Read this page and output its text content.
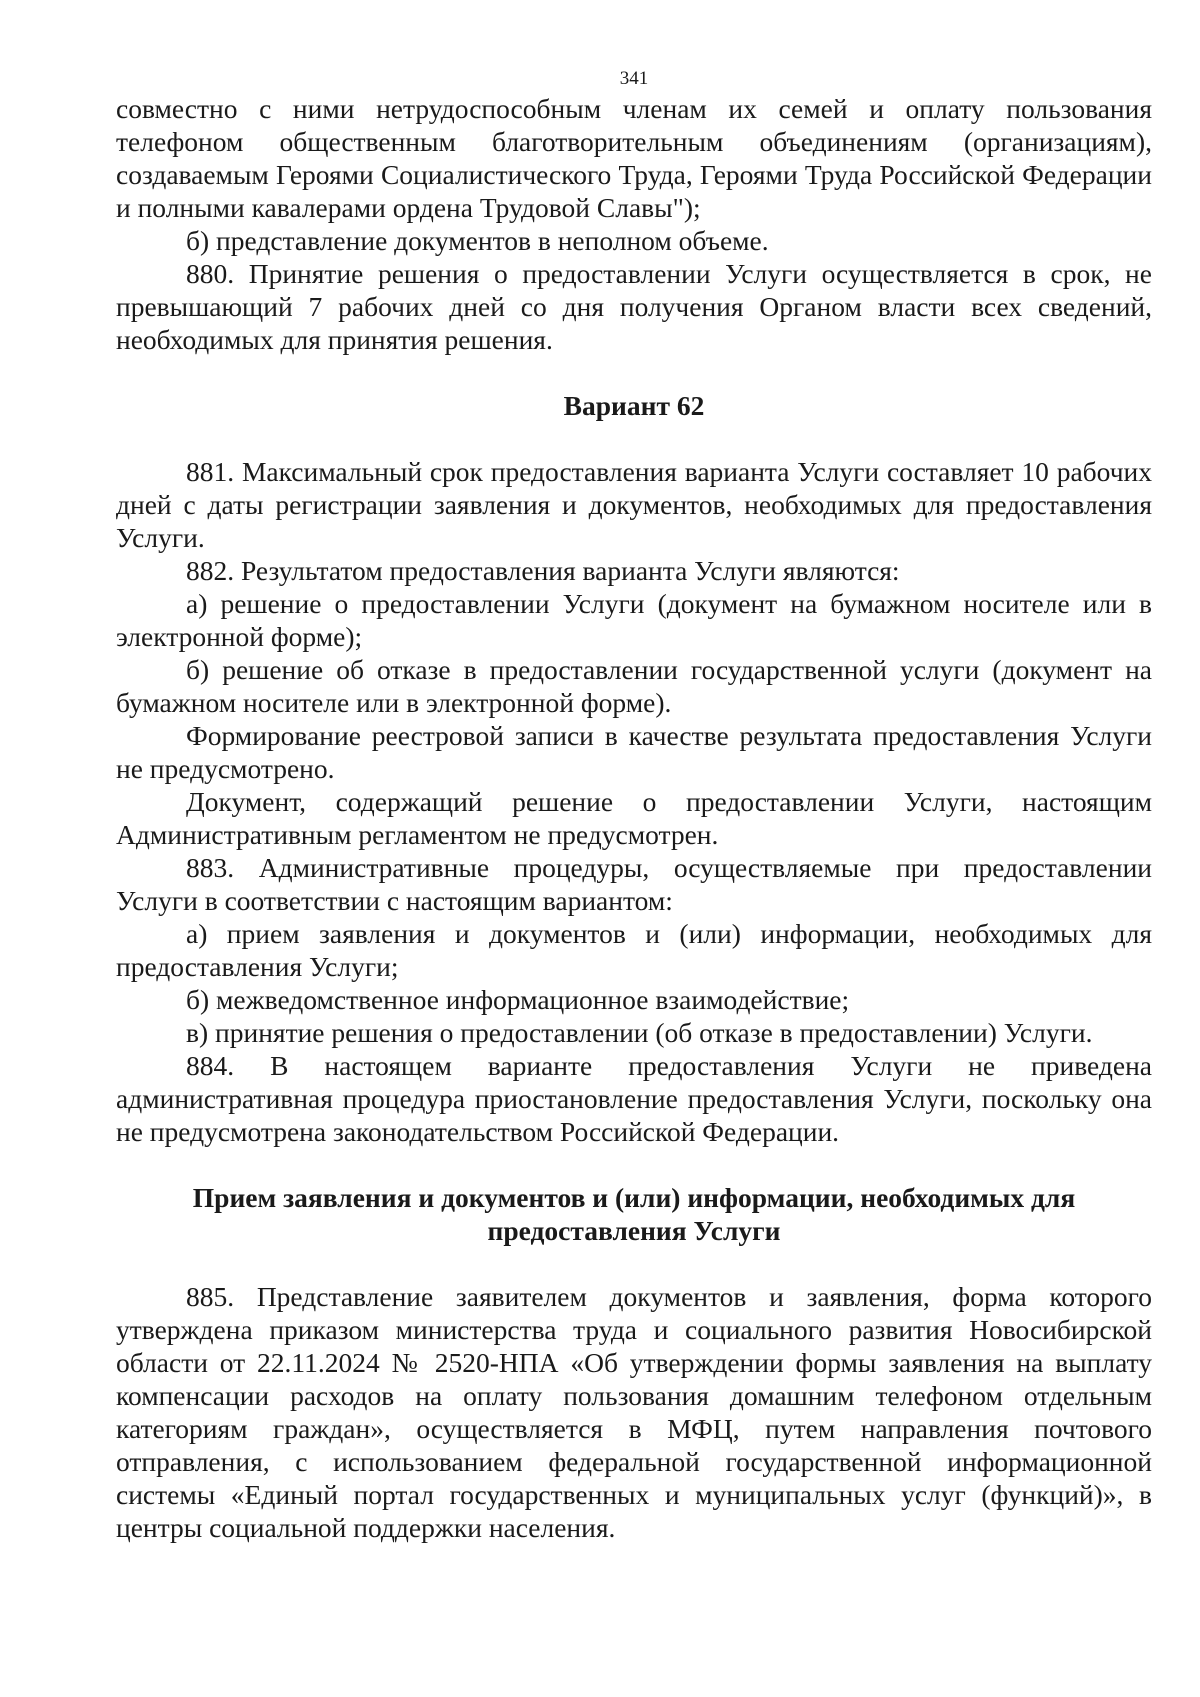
341

совместно с ними нетрудоспособным членам их семей и оплату пользования телефоном общественным благотворительным объединениям (организациям), создаваемым Героями Социалистического Труда, Героями Труда Российской Федерации и полными кавалерами ордена Трудовой Славы");

б) представление документов в неполном объеме.

880. Принятие решения о предоставлении Услуги осуществляется в срок, не превышающий 7 рабочих дней со дня получения Органом власти всех сведений, необходимых для принятия решения.

Вариант 62

881. Максимальный срок предоставления варианта Услуги составляет 10 рабочих дней с даты регистрации заявления и документов, необходимых для предоставления Услуги.

882. Результатом предоставления варианта Услуги являются:

а) решение о предоставлении Услуги (документ на бумажном носителе или в электронной форме);

б) решение об отказе в предоставлении государственной услуги (документ на бумажном носителе или в электронной форме).

Формирование реестровой записи в качестве результата предоставления Услуги не предусмотрено.

Документ, содержащий решение о предоставлении Услуги, настоящим Административным регламентом не предусмотрен.

883. Административные процедуры, осуществляемые при предоставлении Услуги в соответствии с настоящим вариантом:

а) прием заявления и документов и (или) информации, необходимых для предоставления Услуги;

б) межведомственное информационное взаимодействие;

в) принятие решения о предоставлении (об отказе в предоставлении) Услуги.

884. В настоящем варианте предоставления Услуги не приведена административная процедура приостановление предоставления Услуги, поскольку она не предусмотрена законодательством Российской Федерации.

Прием заявления и документов и (или) информации, необходимых для
предоставления Услуги

885. Представление заявителем документов и заявления, форма которого утверждена приказом министерства труда и социального развития Новосибирской области от 22.11.2024 № 2520-НПА «Об утверждении формы заявления на выплату компенсации расходов на оплату пользования домашним телефоном отдельным категориям граждан», осуществляется в МФЦ, путем направления почтового отправления, с использованием федеральной государственной информационной системы «Единый портал государственных и муниципальных услуг (функций)», в центры социальной поддержки населения.
